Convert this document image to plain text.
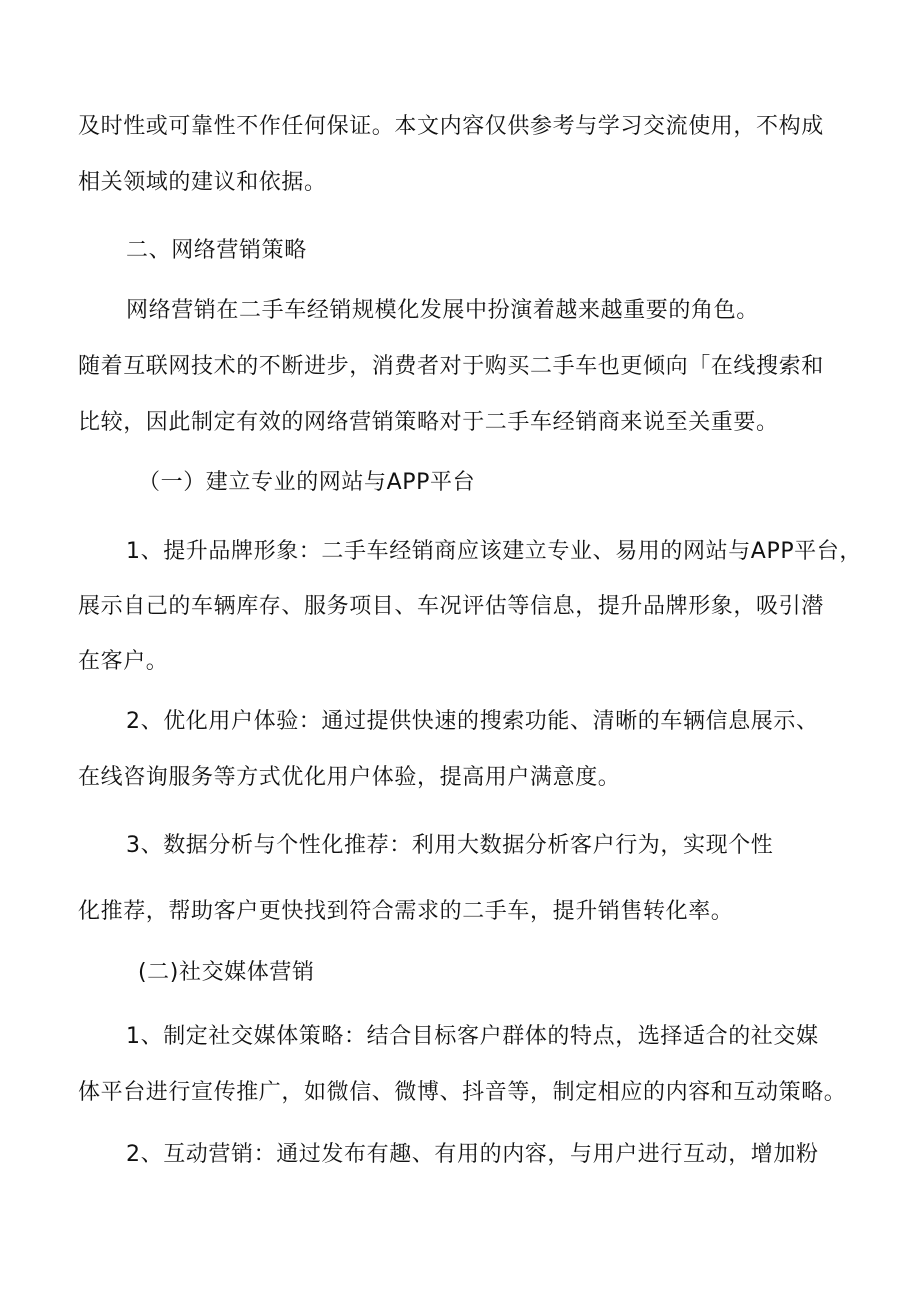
及时性或可靠性不作任何保证。本文内容仅供参考与学习交流使用，不构成
相关领域的建议和依据。
二、网络营销策略
网络营销在二手车经销规模化发展中扮演着越来越重要的角色。
随着互联网技术的不断进步，消费者对于购买二手车也更倾向「在线搜索和
比较，因此制定有效的网络营销策略对于二手车经销商来说至关重要。
（一）建立专业的网站与APP平台
1、提升品牌形象：二手车经销商应该建立专业、易用的网站与APP平台，
展示自己的车辆库存、服务项目、车况评估等信息，提升品牌形象，吸引潜
在客户。
2、优化用户体验：通过提供快速的搜索功能、清晰的车辆信息展示、
在线咨询服务等方式优化用户体验，提高用户满意度。
3、数据分析与个性化推荐：利用大数据分析客户行为，实现个性
化推荐，帮助客户更快找到符合需求的二手车，提升销售转化率。
(二)社交媒体营销
1、制定社交媒体策略：结合目标客户群体的特点，选择适合的社交媒
体平台进行宣传推广，如微信、微博、抖音等，制定相应的内容和互动策略。
2、互动营销：通过发布有趣、有用的内容，与用户进行互动，增加粉
